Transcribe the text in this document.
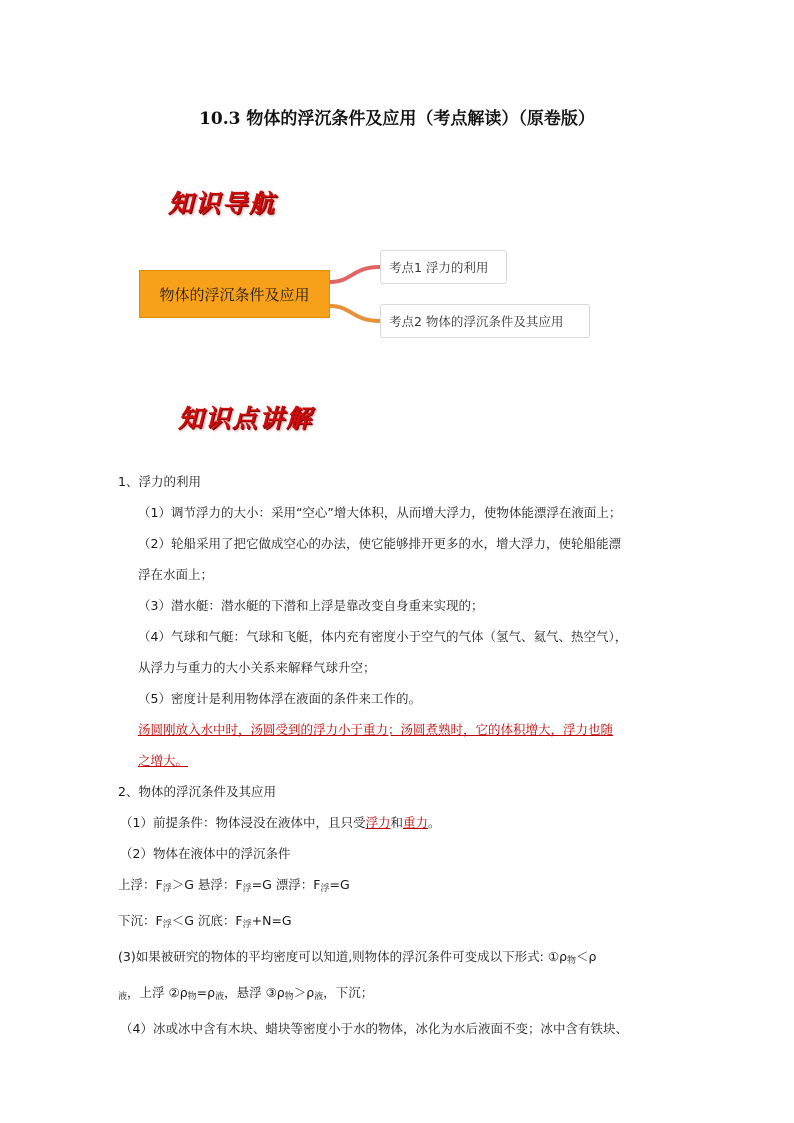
10.3 物体的浮沉条件及应用（考点解读）（原卷版）
知识导航
物体的浮沉条件及应用
考点1 浮力的利用
考点2 物体的浮沉条件及其应用
知识点讲解
1、浮力的利用
（1）调节浮力的大小：采用“空心”增大体积，从而增大浮力，使物体能漂浮在液面上；
（2）轮船采用了把它做成空心的办法，使它能够排开更多的水，增大浮力，使轮船能漂
浮在水面上；
（3）潜水艇：潜水艇的下潜和上浮是靠改变自身重来实现的；
（4）气球和气艇：气球和飞艇，体内充有密度小于空气的气体（氢气、氦气、热空气），
从浮力与重力的大小关系来解释气球升空；
（5）密度计是利用物体浮在液面的条件来工作的。
汤圆刚放入水中时，汤圆受到的浮力小于重力；汤圆煮熟时，它的体积增大，浮力也随
之增大。
2、物体的浮沉条件及其应用
（1）前提条件：物体浸没在液体中，且只受浮力和重力。
（2）物体在液体中的浮沉条件
上浮：$F_浮>G$ 悬浮：$F_浮=G$ 漂浮：$F_浮=G$
下沉：$F_浮<G$ 沉底：$F_浮+N=G$
(3)如果被研究的物体的平均密度可以知道,则物体的浮沉条件可变成以下形式: $①\rho_物<\rho$
$_液$，上浮 $②\rho_物=\rho_液$，悬浮 $③\rho_物>\rho_液$，下沉；
（4）冰或冰中含有木块、蜡块等密度小于水的物体，冰化为水后液面不变；冰中含有铁块、
